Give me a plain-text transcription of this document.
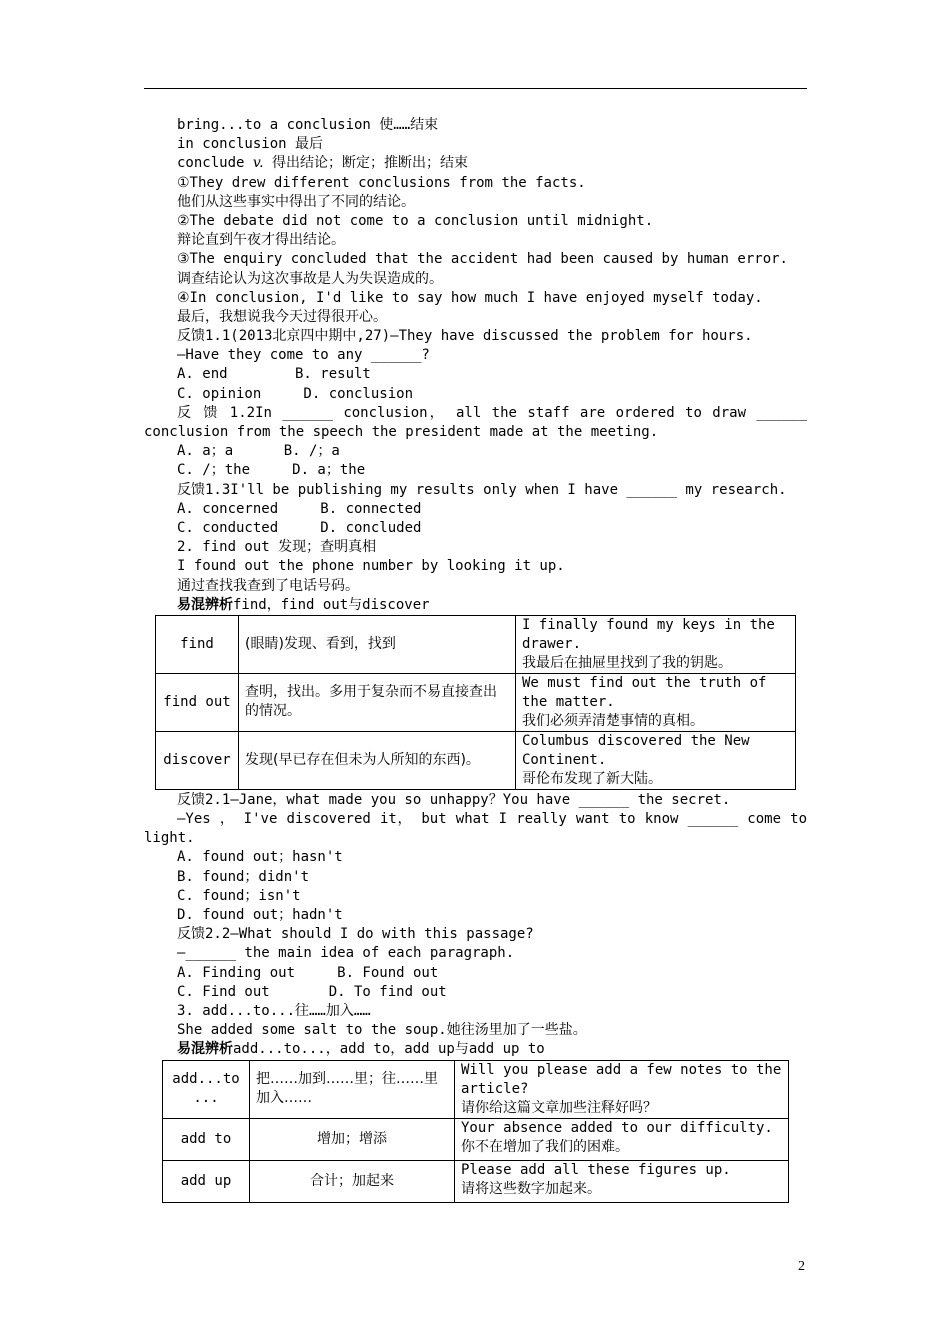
bring...to a conclusion 使……结束
in conclusion 最后
conclude v. 得出结论；断定；推断出；结束
①They drew different conclusions from the facts.
他们从这些事实中得出了不同的结论。
②The debate did not come to a conclusion until midnight.
辩论直到午夜才得出结论。
③The enquiry concluded that the accident had been caused by human error.
调查结论认为这次事故是人为失误造成的。
④In conclusion, I'd like to say how much I have enjoyed myself today.
最后，我想说我今天过得很开心。
反馈1.1(2013北京四中期中,27)—They have discussed the problem for hours.
—Have they come to any ______?
A. end        B. result
C. opinion     D. conclusion
反 馈 1.2In ______ conclusion， all the staff are ordered to draw ______
conclusion from the speech the president made at the meeting.
A. a；a      B. /；a
C. /；the     D. a；the
反馈1.3I'll be publishing my results only when I have ______ my research.
A. concerned     B. connected
C. conducted     D. concluded
2. find out 发现；查明真相
I found out the phone number by looking it up.
通过查找我查到了电话号码。
易混辨析find，find out与discover
find	(眼睛)发现、看到，找到	I finally found my keys in the drawer.
我最后在抽屉里找到了我的钥匙。

find out	查明，找出。多用于复杂而不易直接查出的情况。	We must find out the truth of the matter.
我们必须弄清楚事情的真相。

discover	发现(早已存在但未为人所知的东西)。	Columbus discovered the New Continent.
哥伦布发现了新大陆。
反馈2.1—Jane，what made you so unhappy？You have ______ the secret.
—Yes ， I've discovered it， but what I really want to know ______ come to
light.
A. found out；hasn't
B. found；didn't
C. found；isn't
D. found out；hadn't
反馈2.2—What should I do with this passage?
—______ the main idea of each paragraph.
A. Finding out     B. Found out
C. Find out       D. To find out
3. add...to...往……加入……
She added some salt to the soup.她往汤里加了一些盐。
易混辨析add...to...，add to，add up与add up to
add...to ...	把……加到……里；往……里加入……	Will you please add a few notes to the article?
请你给这篇文章加些注释好吗？

add to	增加；增添	Your absence added to our difficulty.
你不在增加了我们的困难。

add up	合计；加起来	Please add all these figures up.
请将这些数字加起来。
2
